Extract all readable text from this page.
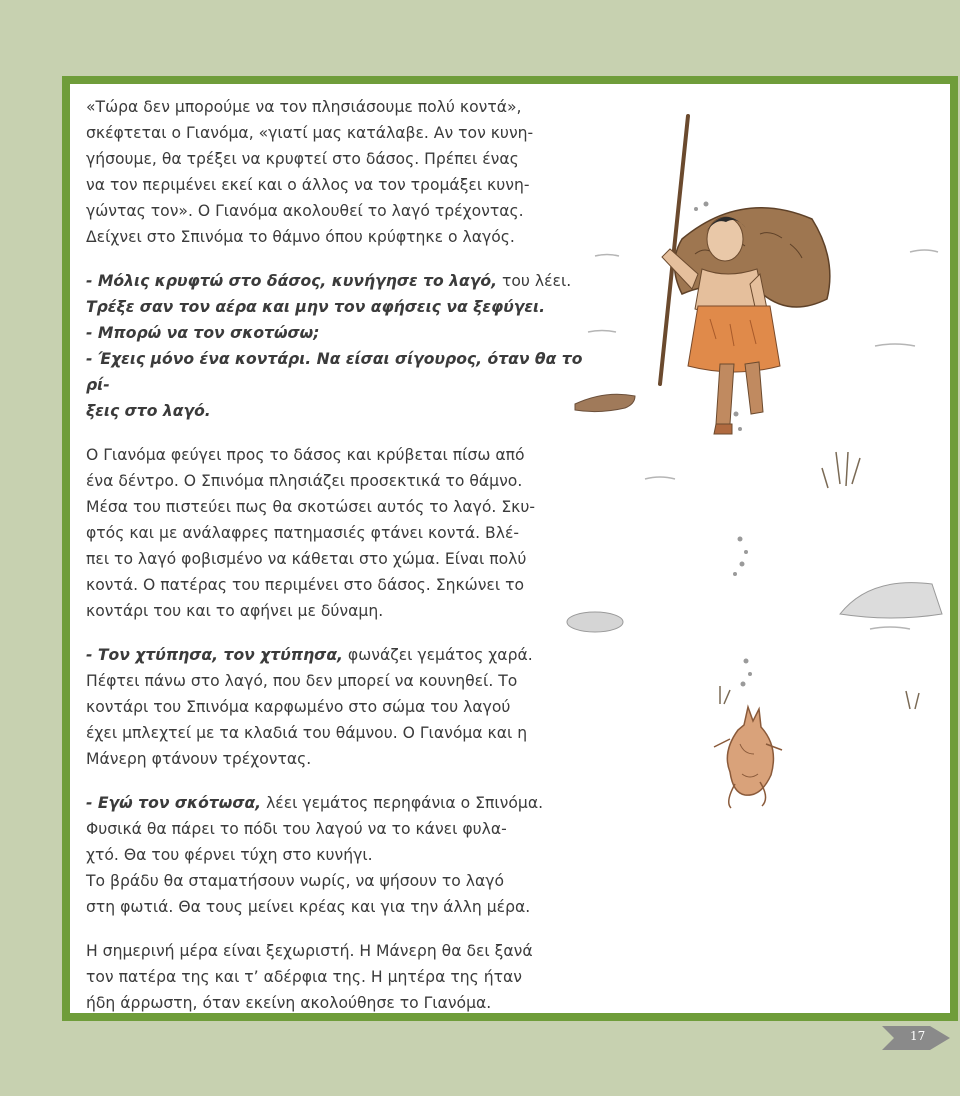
«Τώρα δεν μπορούμε να τον πλησιάσουμε πολύ κοντά»,

σκέφτεται ο Γιανόμα, «γιατί μας κατάλαβε. Αν τον κυνη-

γήσουμε, θα τρέξει να κρυφτεί στο δάσος. Πρέπει ένας

να τον περιμένει εκεί και ο άλλος να τον τρομάξει κυνη-

γώντας τον». Ο Γιανόμα ακολουθεί το λαγό τρέχοντας.

Δείχνει στο Σπινόμα το θάμνο όπου κρύφτηκε ο λαγός.

- Μόλις κρυφτώ στο δάσος, κυνήγησε το λαγό, του λέει.

Τρέξε σαν τον αέρα και μην τον αφήσεις να ξεφύγει.

- Μπορώ να τον σκοτώσω;

- Έχεις μόνο ένα κοντάρι. Να είσαι σίγουρος, όταν θα το ρί-

ξεις στο λαγό.

Ο Γιανόμα φεύγει προς το δάσος και κρύβεται πίσω από

ένα δέντρο. Ο Σπινόμα πλησιάζει προσεκτικά το θάμνο.

Μέσα του πιστεύει πως θα σκοτώσει αυτός το λαγό. Σκυ-

φτός και με ανάλαφρες πατημασιές φτάνει κοντά. Βλέ-

πει το λαγό φοβισμένο να κάθεται στο χώμα. Είναι πολύ

κοντά. Ο πατέρας του περιμένει στο δάσος. Σηκώνει το

κοντάρι του και το αφήνει με δύναμη.

- Τον χτύπησα, τον χτύπησα, φωνάζει γεμάτος χαρά.

Πέφτει πάνω στο λαγό, που δεν μπορεί να κουνηθεί. Το

κοντάρι του Σπινόμα καρφωμένο στο σώμα του λαγού

έχει μπλεχτεί με τα κλαδιά του θάμνου. Ο Γιανόμα και η

Μάνερη φτάνουν τρέχοντας.

- Εγώ τον σκότωσα, λέει γεμάτος περηφάνια ο Σπινόμα.

Φυσικά θα πάρει το πόδι του λαγού να το κάνει φυλα-

χτό. Θα του φέρνει τύχη στο κυνήγι.

Το βράδυ θα σταματήσουν νωρίς, να ψήσουν το λαγό

στη φωτιά. Θα τους μείνει κρέας και για την άλλη μέρα.

Η σημερινή μέρα είναι ξεχωριστή. Η Μάνερη θα δει ξανά

τον πατέρα της και τ’ αδέρφια της. Η μητέρα της ήταν

ήδη άρρωστη, όταν εκείνη ακολούθησε το Γιανόμα.

17
